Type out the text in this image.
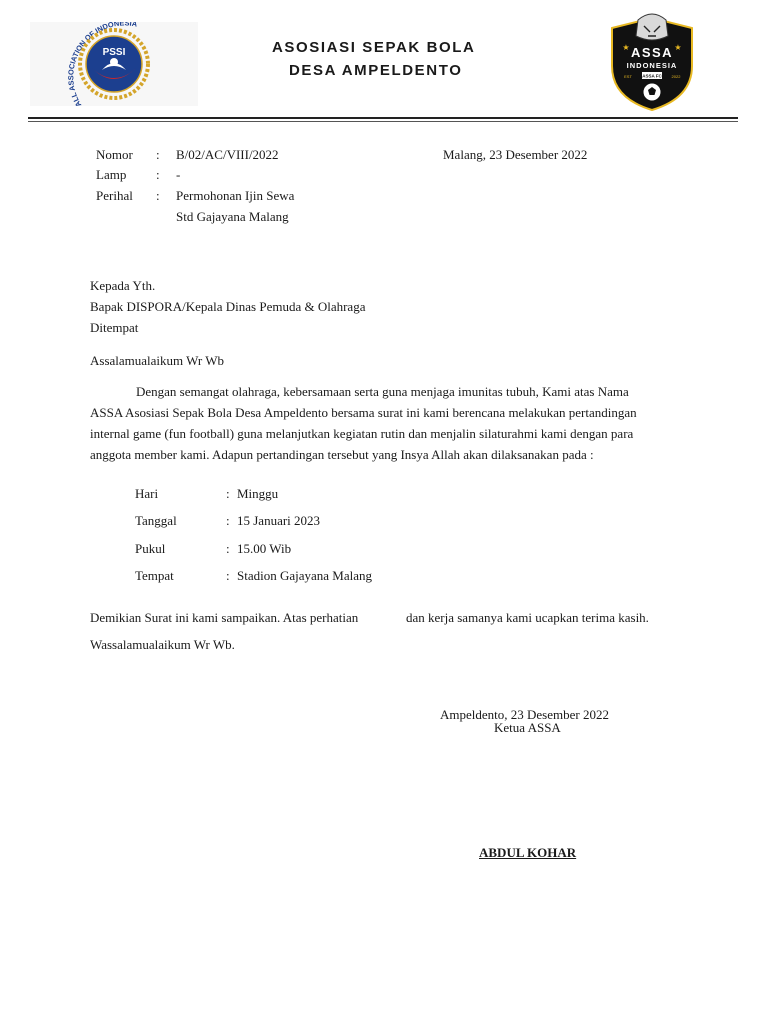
FOOTBALL ASSOCIATION OF INDONESIA
PSSI	ASOSIASI SEPAK BOLA
DESA AMPELDENTO
★	★
ASSA
INDONESIA
ASSA FC
EST	2022
Nomor : B/02/AC/VIII/2022	Malang, 23 Desember 2022
Lamp : -
Perihal : Permohonan Ijin Sewa
Std Gajayana Malang
Kepada Yth.
Bapak DISPORA/Kepala Dinas Pemuda & Olahraga
Ditempat
Assalamualaikum Wr Wb
Dengan semangat olahraga, kebersamaan serta guna menjaga imunitas tubuh, Kami atas Nama
ASSA Asosiasi Sepak Bola Desa Ampeldento bersama surat ini kami berencana melakukan pertandingan
internal game (fun football) guna melanjutkan kegiatan rutin dan menjalin silaturahmi kami dengan para
anggota member kami. Adapun pertandingan tersebut yang Insya Allah akan dilaksanakan pada :
Hari	: Minggu
Tanggal	: 15 Januari 2023
Pukul	: 15.00 Wib
Tempat	: Stadion Gajayana Malang
Demikian Surat ini kami sampaikan. Atas perhatian	dan kerja samanya kami ucapkan terima kasih.
Wassalamualaikum Wr Wb.
Ampeldento, 23 Desember 2022
Ketua ASSA
ABDUL KOHAR
